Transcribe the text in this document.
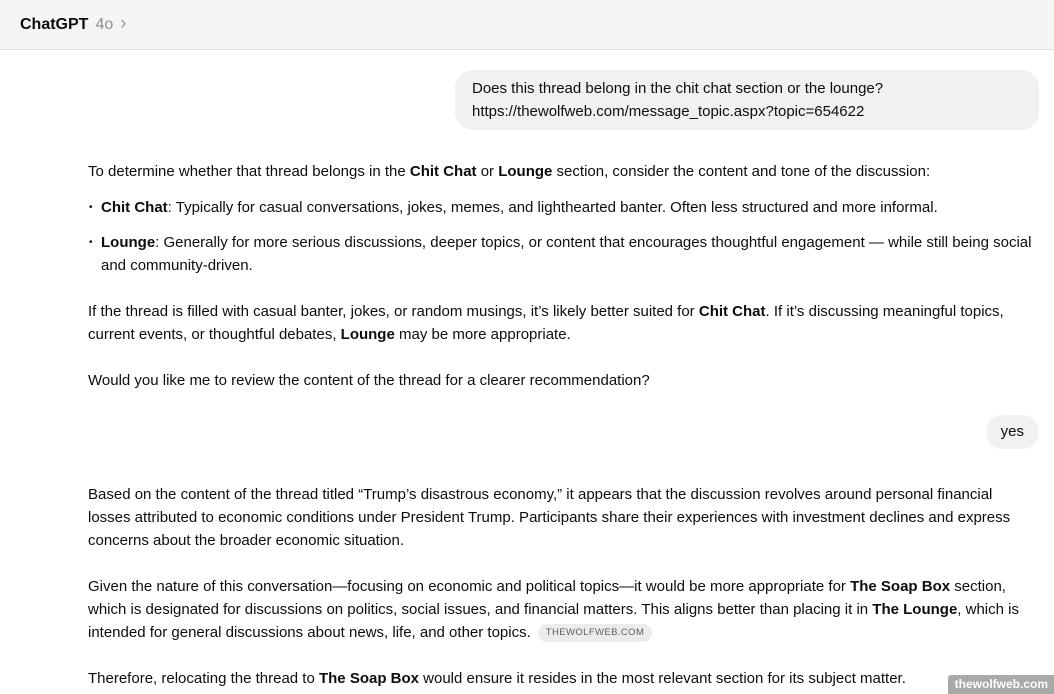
ChatGPT 4o ›
Does this thread belong in the chit chat section or the lounge? https://thewolfweb.com/message_topic.aspx?topic=654622

To determine whether that thread belongs in the Chit Chat or Lounge section, consider the content and tone of the discussion:

• Chit Chat: Typically for casual conversations, jokes, memes, and lighthearted banter. Often less structured and more informal.
• Lounge: Generally for more serious discussions, deeper topics, or content that encourages thoughtful engagement — while still being social and community-driven.

If the thread is filled with casual banter, jokes, or random musings, it’s likely better suited for Chit Chat. If it’s discussing meaningful topics, current events, or thoughtful debates, Lounge may be more appropriate.

Would you like me to review the content of the thread for a clearer recommendation?

yes

Based on the content of the thread titled “Trump’s disastrous economy,” it appears that the discussion revolves around personal financial losses attributed to economic conditions under President Trump. Participants share their experiences with investment declines and express concerns about the broader economic situation.

Given the nature of this conversation—focusing on economic and political topics—it would be more appropriate for The Soap Box section, which is designated for discussions on politics, social issues, and financial matters. This aligns better than placing it in The Lounge, which is intended for general discussions about news, life, and other topics. THEWOLFWEB.COM

Therefore, relocating the thread to The Soap Box would ensure it resides in the most relevant section for its subject matter.	thewolfweb.com
